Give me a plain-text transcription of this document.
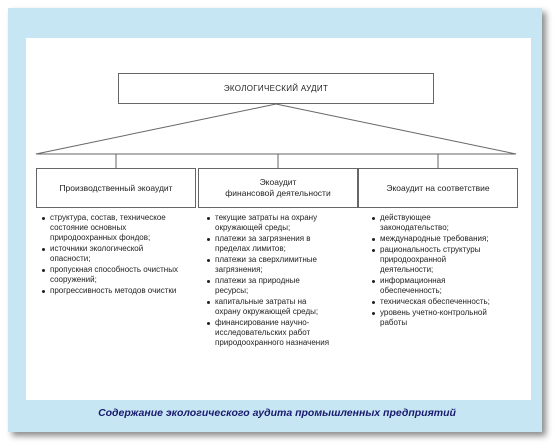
ЭКОЛОГИЧЕСКИЙ АУДИТ
Производственный экоаудит
Экоаудит
финансовой деятельности
Экоаудит на соответствие
структура, состав, техническое
состояние основных
природоохранных фондов;
источники экологической
опасности;
пропускная способность очистных
сооружений;
прогрессивность методов очистки
текущие затраты на охрану
окружающей среды;
платежи за загрязнения в
пределах лимитов;
платежи за сверхлимитные
загрязнения;
платежи за природные
ресурсы;
капитальные затраты на
охрану окружающей среды;
финансирование научно-
исследовательских работ
природоохранного назначения
действующее
законодательство;
международные требования;
рациональность структуры
природоохранной
деятельности;
информационная
обеспеченность;
техническая обеспеченность;
уровень учетно-контрольной
работы
Содержание экологического аудита промышленных предприятий
